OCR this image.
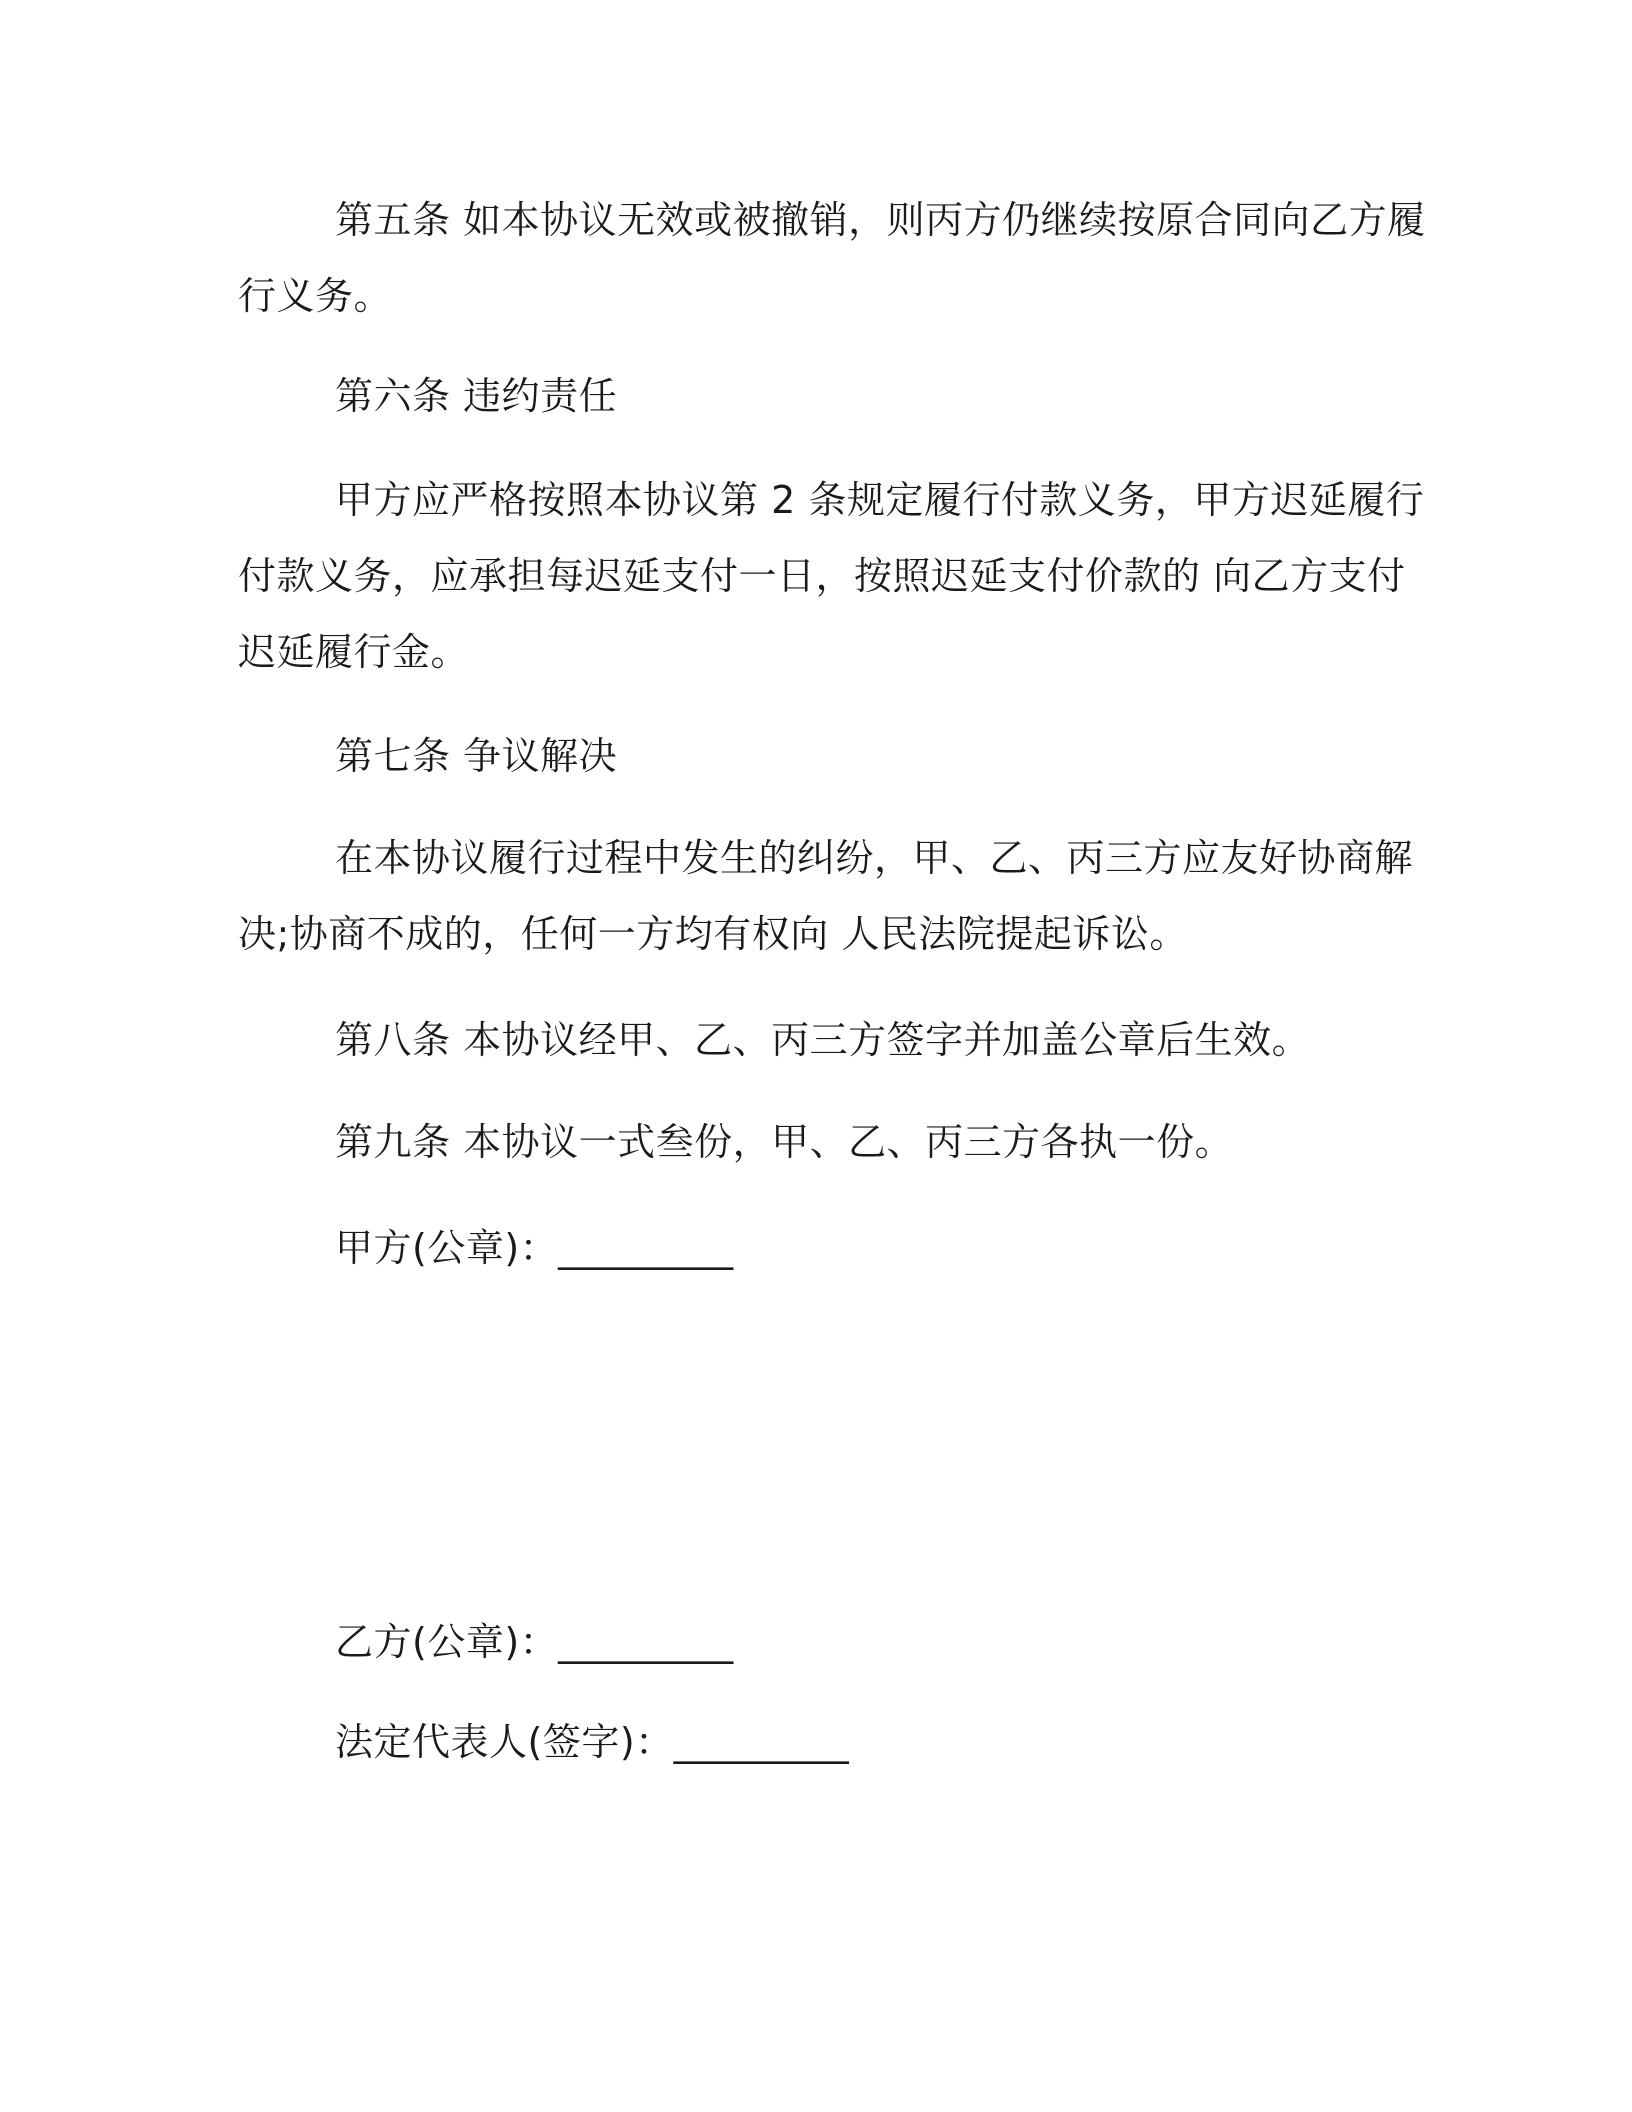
第五条 如本协议无效或被撤销，则丙方仍继续按原合同向乙方履
行义务。
第六条 违约责任
甲方应严格按照本协议第 2 条规定履行付款义务，甲方迟延履行
付款义务，应承担每迟延支付一日，按照迟延支付价款的 向乙方支付
迟延履行金。
第七条 争议解决
在本协议履行过程中发生的纠纷，甲、乙、丙三方应友好协商解
决;协商不成的，任何一方均有权向 人民法院提起诉讼。
第八条 本协议经甲、乙、丙三方签字并加盖公章后生效。
第九条 本协议一式叁份，甲、乙、丙三方各执一份。
甲方(公章)：_________
乙方(公章)：_________
法定代表人(签字)：_________
